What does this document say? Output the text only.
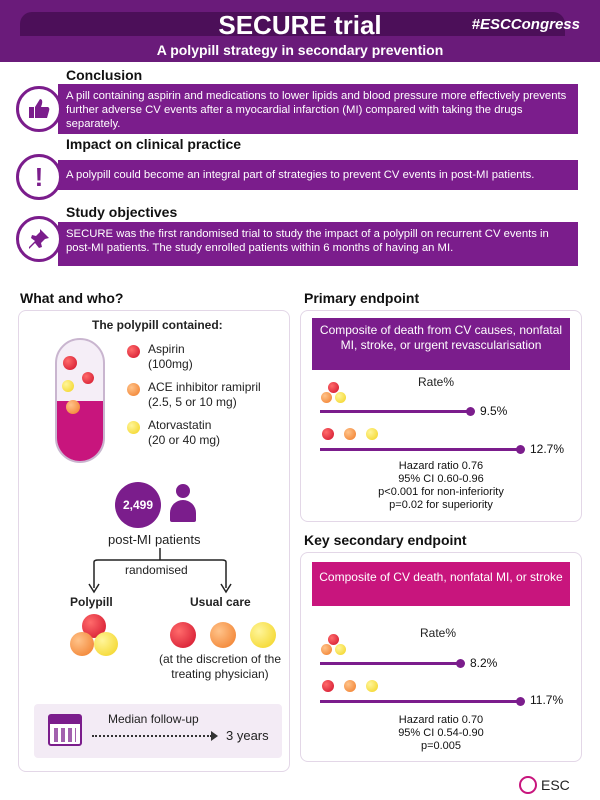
SECURE trial	#ESCCongress
A polypill strategy in secondary prevention
Conclusion
A pill containing aspirin and medications to lower lipids and blood pressure more effectively prevents further adverse CV events after a myocardial infarction (MI) compared with taking the drugs separately.
Impact on clinical practice
!	A polypill could become an integral part of strategies to prevent CV events in post-MI patients.
Study objectives
SECURE was the first randomised trial to study the impact of a polypill on recurrent CV events in post-MI patients. The study enrolled patients within 6 months of having an MI.
What and who?
The polypill contained:
Aspirin
(100mg)
ACE inhibitor ramipril
(2.5, 5 or 10 mg)
Atorvastatin
(20 or 40 mg)
2,499
post-MI patients
randomised
Polypill	Usual care
(at the discretion of the treating physician)
Median follow-up
3 years
Primary endpoint
Composite of death from CV causes, nonfatal MI, stroke, or urgent revascularisation
Rate%
9.5%
12.7%
Hazard ratio 0.76
95% CI 0.60-0.96
p<0.001 for non-inferiority
p=0.02 for superiority
Key secondary endpoint
Composite of CV death, nonfatal MI, or stroke
Rate%
8.2%
11.7%
Hazard ratio 0.70
95% CI 0.54-0.90
p=0.005
ESC
